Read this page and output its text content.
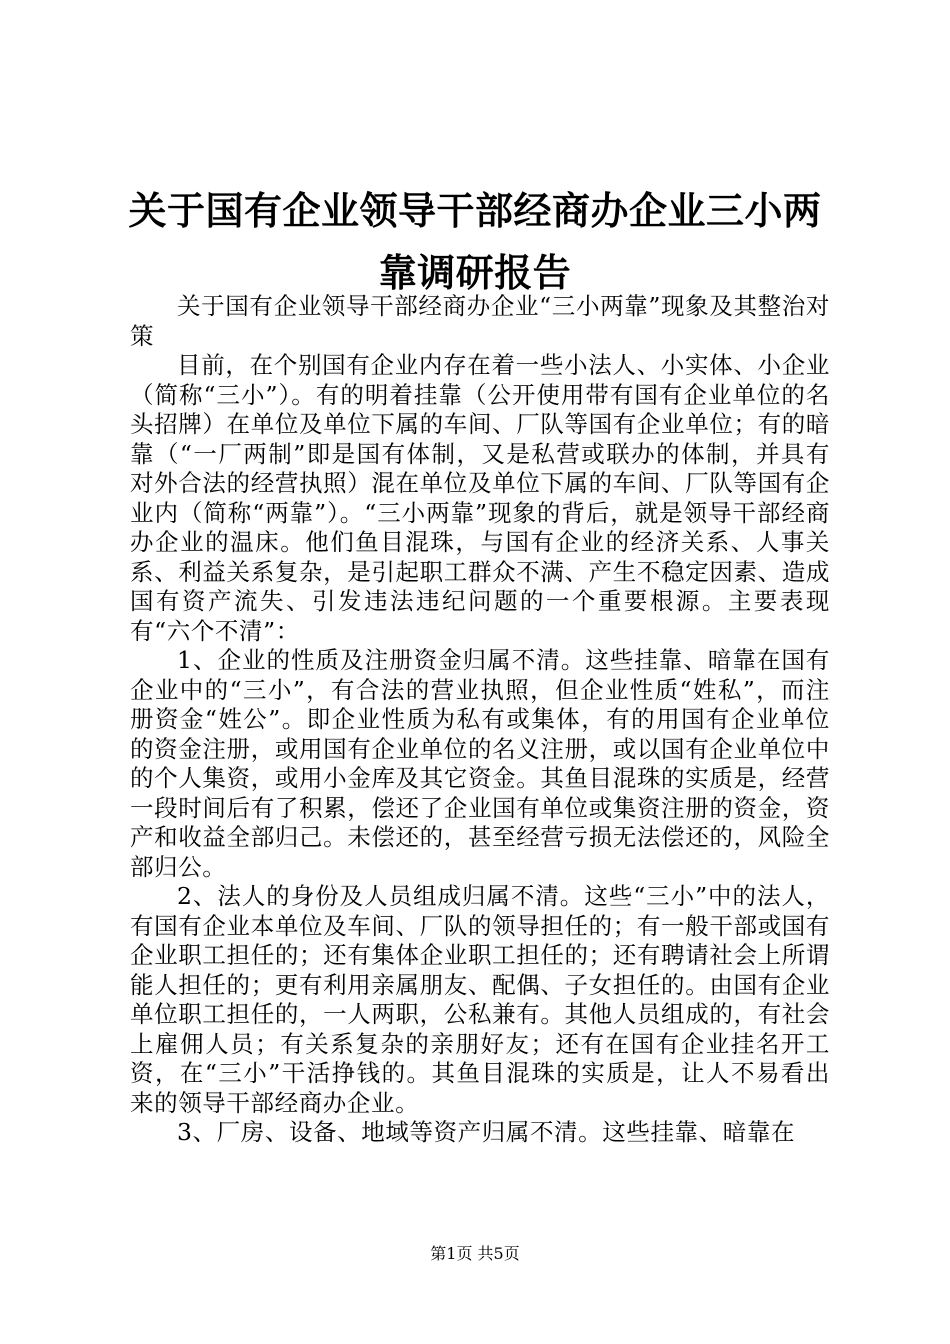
关于国有企业领导干部经商办企业三小两靠调研报告

关于国有企业领导干部经商办企业“三小两靠”现象及其整治对策

目前，在个别国有企业内存在着一些小法人、小实体、小企业（简称“三小”）。有的明着挂靠（公开使用带有国有企业单位的名头招牌）在单位及单位下属的车间、厂队等国有企业单位；有的暗靠（“一厂两制”即是国有体制，又是私营或联办的体制，并具有对外合法的经营执照）混在单位及单位下属的车间、厂队等国有企业内（简称“两靠”）。“三小两靠”现象的背后，就是领导干部经商办企业的温床。他们鱼目混珠，与国有企业的经济关系、人事关系、利益关系复杂，是引起职工群众不满、产生不稳定因素、造成国有资产流失、引发违法违纪问题的一个重要根源。主要表现有“六个不清”：

1、企业的性质及注册资金归属不清。这些挂靠、暗靠在国有企业中的“三小”，有合法的营业执照，但企业性质“姓私”，而注册资金“姓公”。即企业性质为私有或集体，有的用国有企业单位的资金注册，或用国有企业单位的名义注册，或以国有企业单位中的个人集资，或用小金库及其它资金。其鱼目混珠的实质是，经营一段时间后有了积累，偿还了企业国有单位或集资注册的资金，资产和收益全部归己。未偿还的，甚至经营亏损无法偿还的，风险全部归公。

2、法人的身份及人员组成归属不清。这些“三小”中的法人，有国有企业本单位及车间、厂队的领导担任的；有一般干部或国有企业职工担任的；还有集体企业职工担任的；还有聘请社会上所谓能人担任的；更有利用亲属朋友、配偶、子女担任的。由国有企业单位职工担任的，一人两职，公私兼有。其他人员组成的，有社会上雇佣人员；有关系复杂的亲朋好友；还有在国有企业挂名开工资，在“三小”干活挣钱的。其鱼目混珠的实质是，让人不易看出来的领导干部经商办企业。

3、厂房、设备、地域等资产归属不清。这些挂靠、暗靠在

第1页 共5页
